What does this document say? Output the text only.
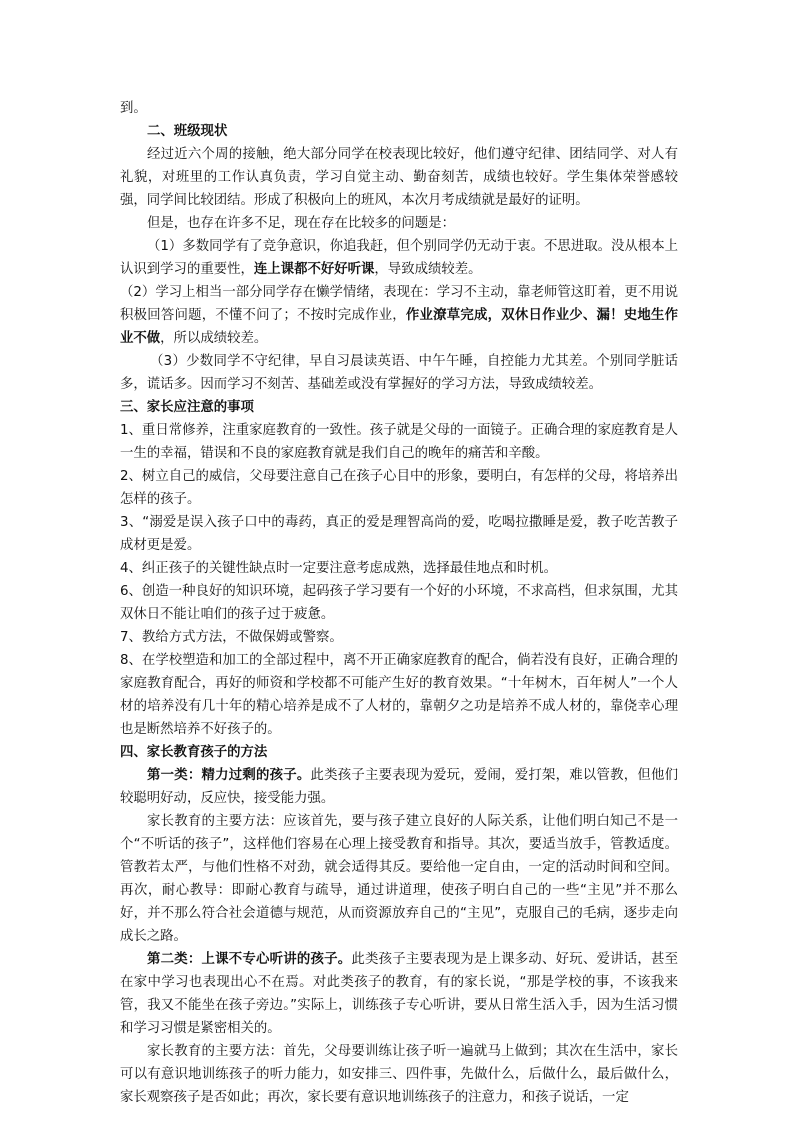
到。

二、班级现状

经过近六个周的接触，绝大部分同学在校表现比较好，他们遵守纪律、团结同学、对人有礼貌，对班里的工作认真负责，学习自觉主动、勤奋刻苦，成绩也较好。学生集体荣誉感较强，同学间比较团结。形成了积极向上的班风，本次月考成绩就是最好的证明。

但是，也存在许多不足，现在存在比较多的问题是：

（1）多数同学有了竞争意识，你追我赶，但个别同学仍无动于衷。不思进取。没从根本上认识到学习的重要性，连上课都不好好听课，导致成绩较差。

（2）学习上相当一部分同学存在懒学情绪，表现在：学习不主动，靠老师管这盯着，更不用说积极回答问题，不懂不问了；不按时完成作业，作业潦草完成，双休日作业少、漏！史地生作业不做，所以成绩较差。

（3）少数同学不守纪律，早自习晨读英语、中午午睡，自控能力尤其差。个别同学脏话多，谎话多。因而学习不刻苦、基础差或没有掌握好的学习方法，导致成绩较差。

三、家长应注意的事项

1、重日常修养，注重家庭教育的一致性。孩子就是父母的一面镜子。正确合理的家庭教育是人一生的幸福，错误和不良的家庭教育就是我们自己的晚年的痛苦和辛酸。

2、树立自己的威信，父母要注意自己在孩子心目中的形象，要明白，有怎样的父母，将培养出怎样的孩子。

3、“溺爱是误入孩子口中的毒药，真正的爱是理智高尚的爱，吃喝拉撒睡是爱，教子吃苦教子成材更是爱。

4、纠正孩子的关键性缺点时一定要注意考虑成熟，选择最佳地点和时机。

6、创造一种良好的知识环境，起码孩子学习要有一个好的小环境，不求高档，但求氛围，尤其双休日不能让咱们的孩子过于疲惫。

7、教给方式方法，不做保姆或警察。

8、在学校塑造和加工的全部过程中，离不开正确家庭教育的配合，倘若没有良好，正确合理的家庭教育配合，再好的师资和学校都不可能产生好的教育效果。“十年树木，百年树人”一个人材的培养没有几十年的精心培养是成不了人材的，靠朝夕之功是培养不成人材的，靠侥幸心理也是断然培养不好孩子的。

四、家长教育孩子的方法

第一类：精力过剩的孩子。此类孩子主要表现为爱玩，爱闹，爱打架，难以管教，但他们较聪明好动，反应快，接受能力强。

家长教育的主要方法：应该首先，要与孩子建立良好的人际关系，让他们明白知己不是一个“不听话的孩子”，这样他们容易在心理上接受教育和指导。其次，要适当放手，管教适度。管教若太严，与他们性格不对劲，就会适得其反。要给他一定自由，一定的活动时间和空间。再次，耐心教导：即耐心教育与疏导，通过讲道理，使孩子明白自己的一些“主见”并不那么好，并不那么符合社会道德与规范，从而资源放弃自己的“主见”，克服自己的毛病，逐步走向成长之路。

第二类：上课不专心听讲的孩子。此类孩子主要表现为是上课多动、好玩、爱讲话，甚至在家中学习也表现出心不在焉。对此类孩子的教育，有的家长说，“那是学校的事，不该我来管，我又不能坐在孩子旁边。”实际上，训练孩子专心听讲，要从日常生活入手，因为生活习惯和学习习惯是紧密相关的。

家长教育的主要方法：首先，父母要训练让孩子听一遍就马上做到；其次在生活中，家长可以有意识地训练孩子的听力能力，如安排三、四件事，先做什么，后做什么，最后做什么，家长观察孩子是否如此；再次，家长要有意识地训练孩子的注意力，和孩子说话，一定
